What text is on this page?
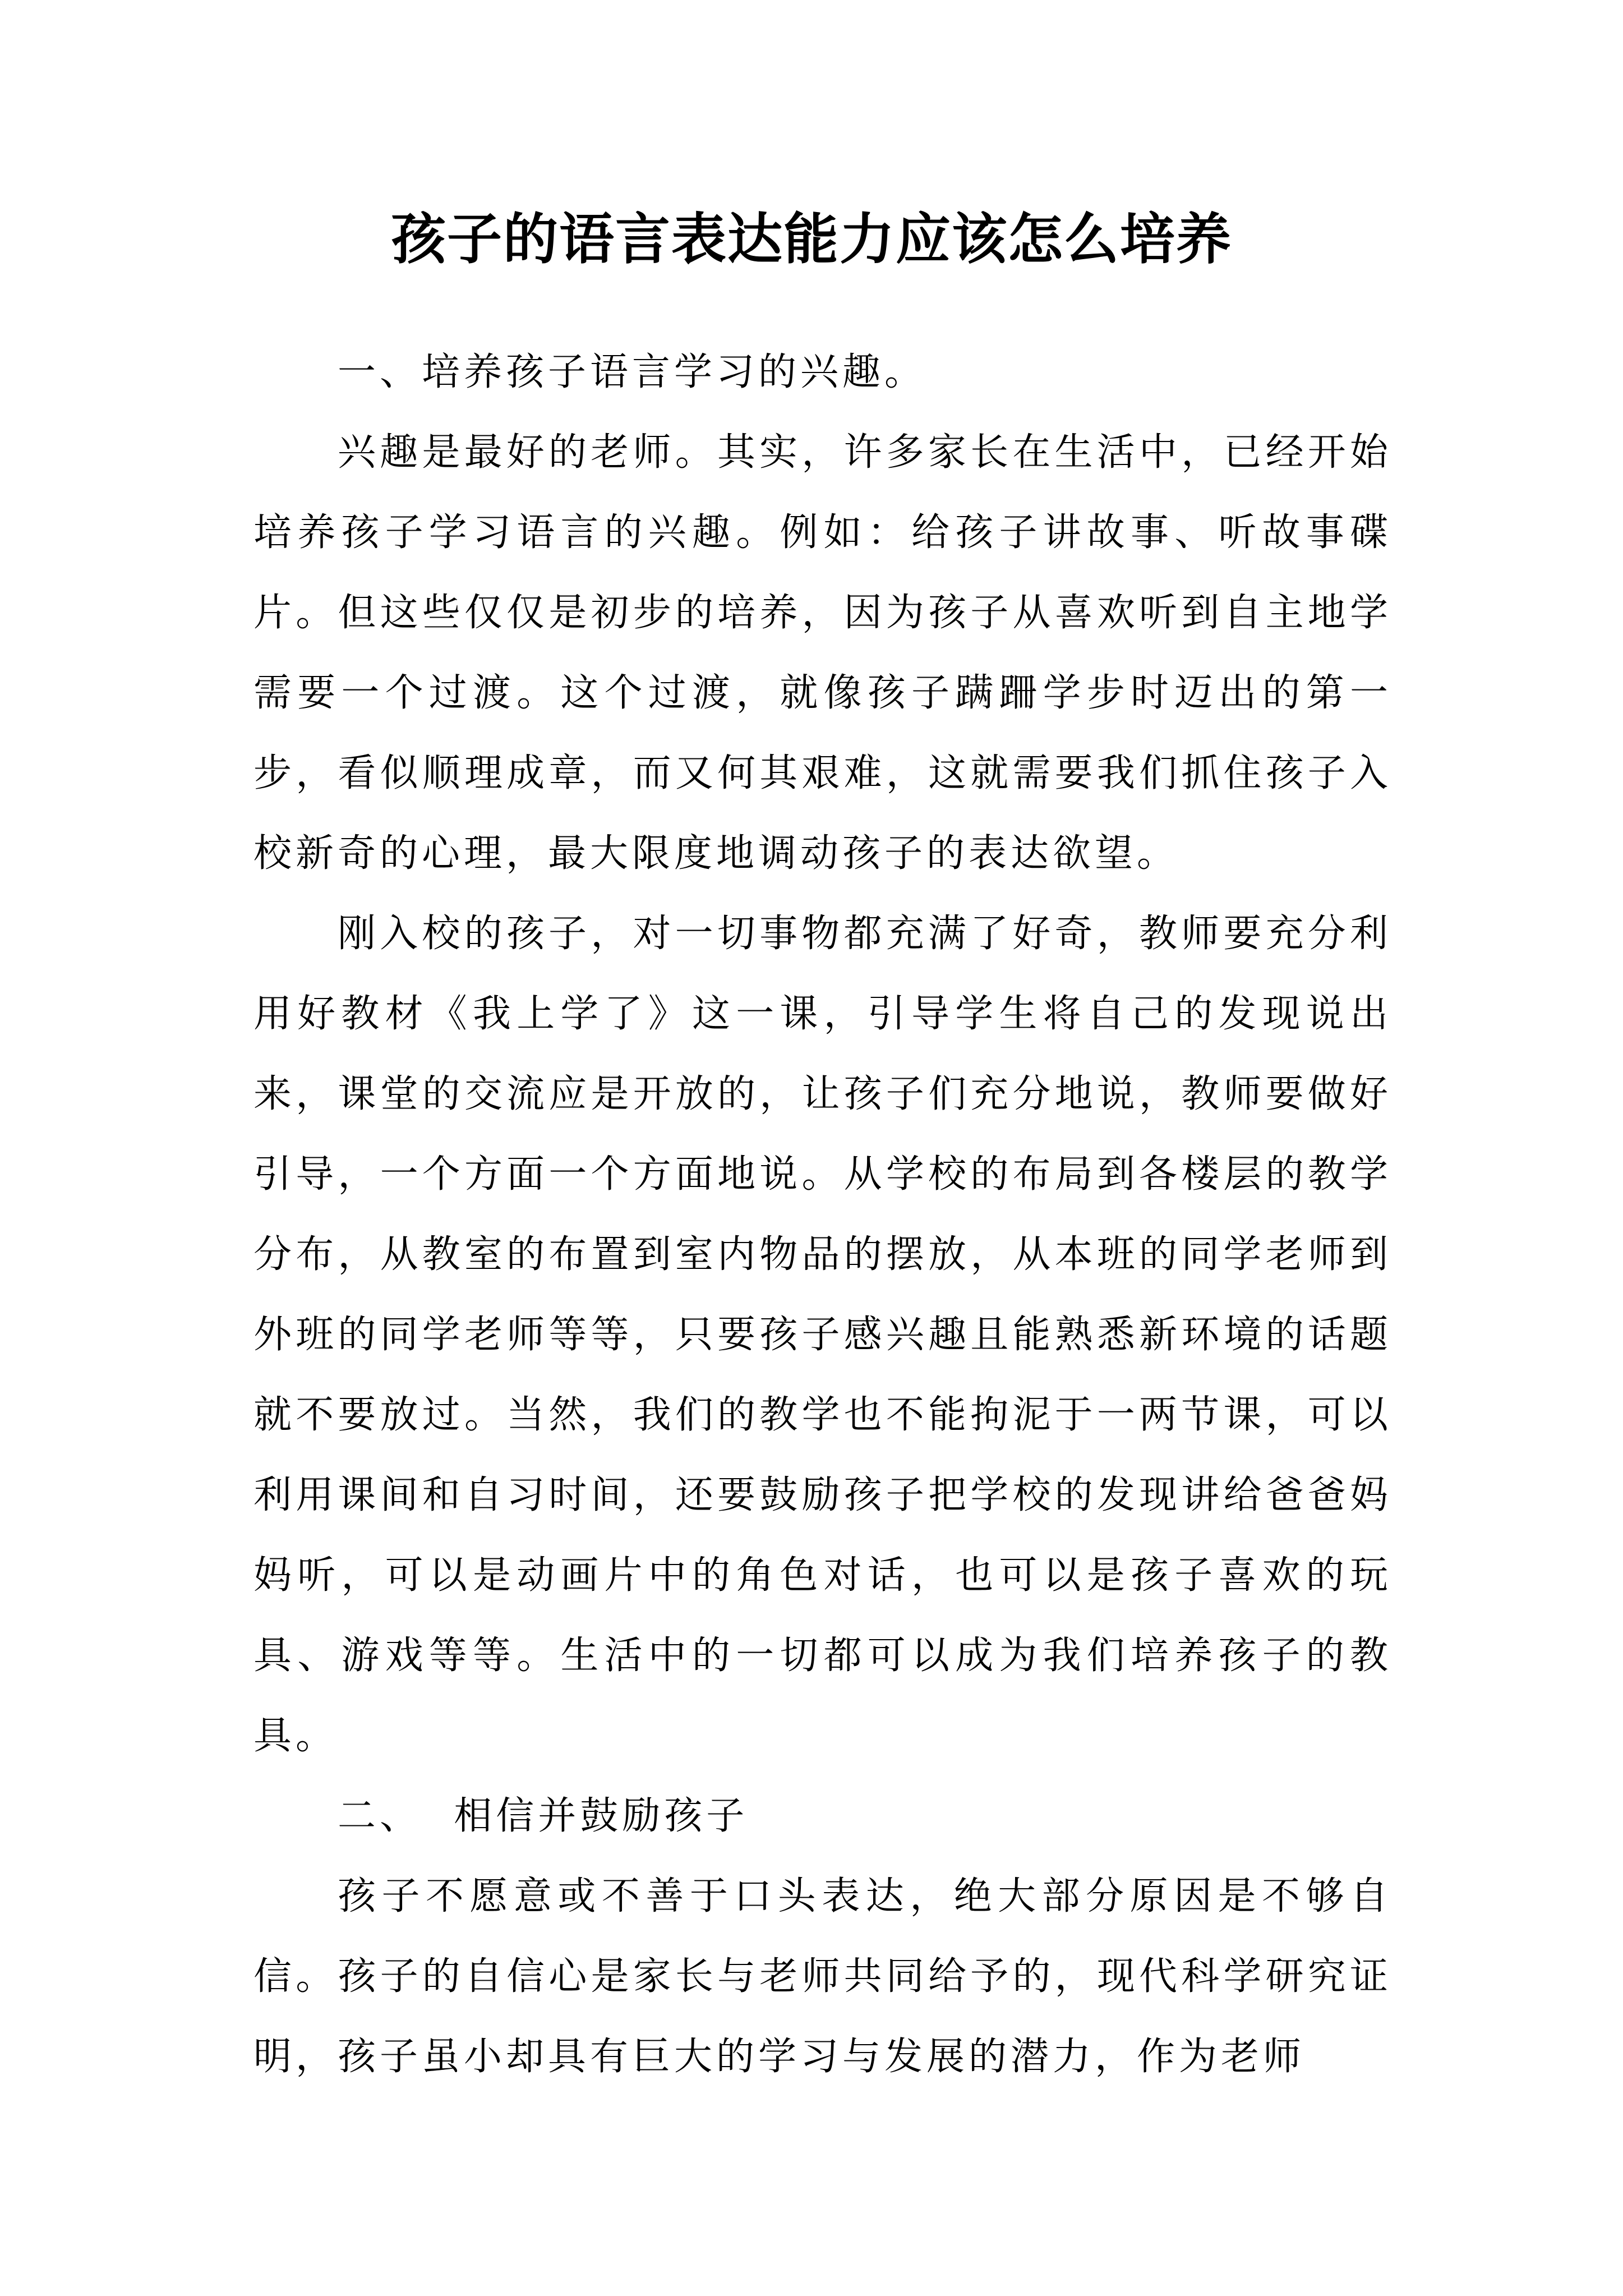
孩子的语言表达能力应该怎么培养

一、培养孩子语言学习的兴趣。

兴趣是最好的老师。其实，许多家长在生活中，已经开始培养孩子学习语言的兴趣。例如：给孩子讲故事、听故事碟片。但这些仅仅是初步的培养，因为孩子从喜欢听到自主地学需要一个过渡。这个过渡，就像孩子蹒跚学步时迈出的第一步，看似顺理成章，而又何其艰难，这就需要我们抓住孩子入校新奇的心理，最大限度地调动孩子的表达欲望。

刚入校的孩子，对一切事物都充满了好奇，教师要充分利用好教材《我上学了》这一课，引导学生将自己的发现说出来，课堂的交流应是开放的，让孩子们充分地说，教师要做好引导，一个方面一个方面地说。从学校的布局到各楼层的教学分布，从教室的布置到室内物品的摆放，从本班的同学老师到外班的同学老师等等，只要孩子感兴趣且能熟悉新环境的话题就不要放过。当然，我们的教学也不能拘泥于一两节课，可以利用课间和自习时间，还要鼓励孩子把学校的发现讲给爸爸妈妈听，可以是动画片中的角色对话，也可以是孩子喜欢的玩具、游戏等等。生活中的一切都可以成为我们培养孩子的教具。

二、  相信并鼓励孩子

孩子不愿意或不善于口头表达，绝大部分原因是不够自信。孩子的自信心是家长与老师共同给予的，现代科学研究证明，孩子虽小却具有巨大的学习与发展的潜力，作为老师
